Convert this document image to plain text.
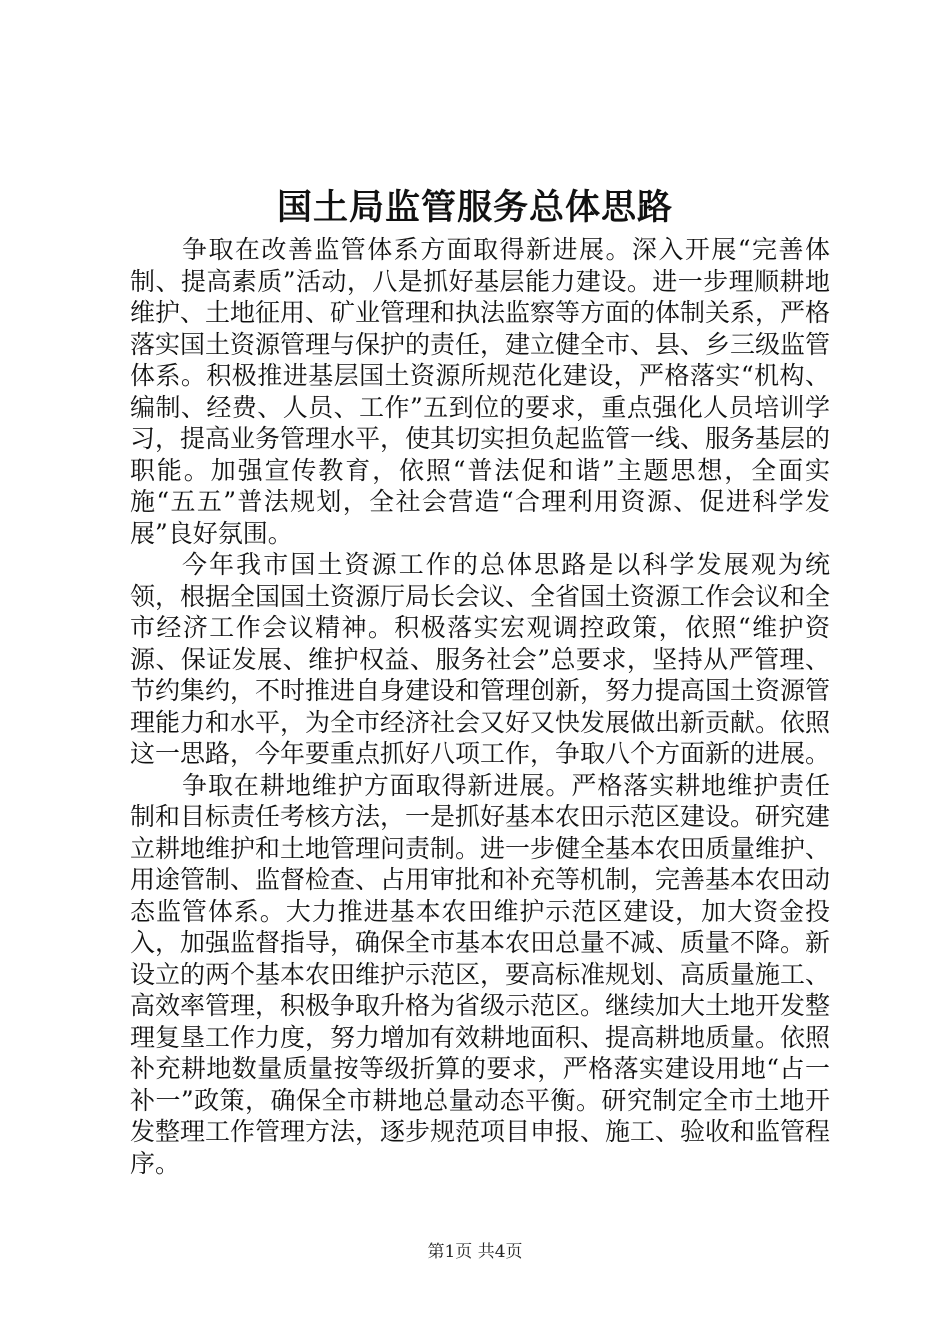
国土局监管服务总体思路

争取在改善监管体系方面取得新进展。深入开展“完善体制、提高素质”活动，八是抓好基层能力建设。进一步理顺耕地维护、土地征用、矿业管理和执法监察等方面的体制关系，严格落实国土资源管理与保护的责任，建立健全市、县、乡三级监管体系。积极推进基层国土资源所规范化建设，严格落实“机构、编制、经费、人员、工作”五到位的要求，重点强化人员培训学习，提高业务管理水平，使其切实担负起监管一线、服务基层的职能。加强宣传教育，依照“普法促和谐”主题思想，全面实施“五五”普法规划，全社会营造“合理利用资源、促进科学发展”良好氛围。

今年我市国土资源工作的总体思路是以科学发展观为统领，根据全国国土资源厅局长会议、全省国土资源工作会议和全市经济工作会议精神。积极落实宏观调控政策，依照“维护资源、保证发展、维护权益、服务社会”总要求，坚持从严管理、节约集约，不时推进自身建设和管理创新，努力提高国土资源管理能力和水平，为全市经济社会又好又快发展做出新贡献。依照这一思路，今年要重点抓好八项工作，争取八个方面新的进展。

争取在耕地维护方面取得新进展。严格落实耕地维护责任制和目标责任考核方法，一是抓好基本农田示范区建设。研究建立耕地维护和土地管理问责制。进一步健全基本农田质量维护、用途管制、监督检查、占用审批和补充等机制，完善基本农田动态监管体系。大力推进基本农田维护示范区建设，加大资金投入，加强监督指导，确保全市基本农田总量不减、质量不降。新设立的两个基本农田维护示范区，要高标准规划、高质量施工、高效率管理，积极争取升格为省级示范区。继续加大土地开发整理复垦工作力度，努力增加有效耕地面积、提高耕地质量。依照补充耕地数量质量按等级折算的要求，严格落实建设用地“占一补一”政策，确保全市耕地总量动态平衡。研究制定全市土地开发整理工作管理方法，逐步规范项目申报、施工、验收和监管程序。

第1页 共4页
